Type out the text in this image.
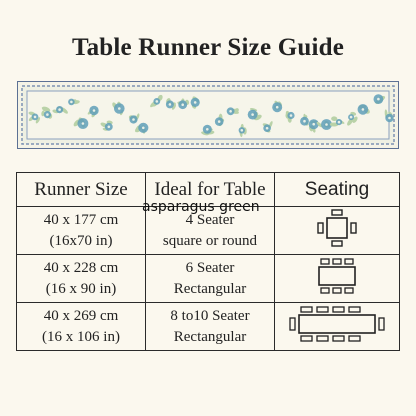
Table Runner Size Guide
Runner Size	Ideal for Table	Seating

40 x 177 cm
(16x70 in)	4 Seater
square or round

40 x 228 cm
(16 x 90 in)	6 Seater
Rectangular

40 x 269 cm
(16 x 106 in)	8 to10 Seater
Rectangular

asparagus green
